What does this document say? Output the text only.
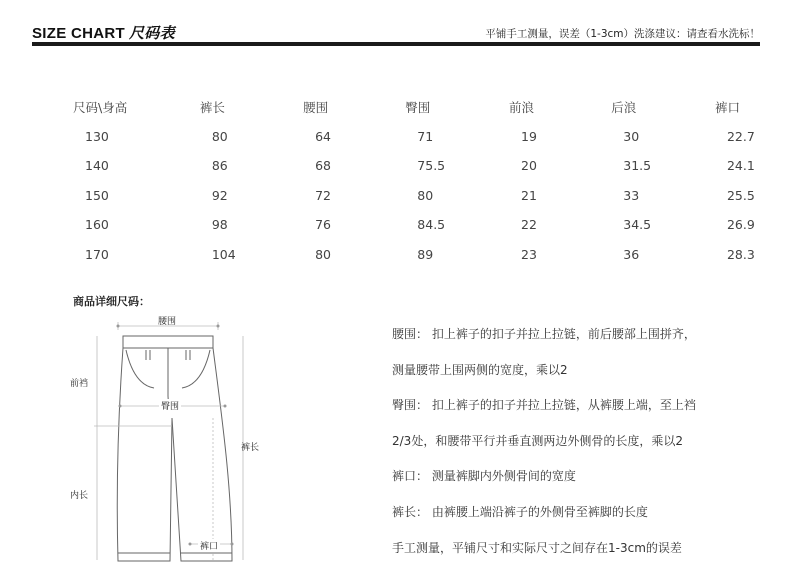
SIZE CHART 尺码表	平铺手工测量，误差（1-3cm）洗涤建议：请查看水洗标！
尺码\身高	裤长	腰围	臀围	前浪	后浪	裤口
130	80	64	71	19	30	22.7
140	86	68	75.5	20	31.5	24.1
150	92	72	80	21	33	25.5
160	98	76	84.5	22	34.5	26.9
170	104	80	89	23	36	28.3
商品详细尺码：
腰围
前裆
臀围
裤长
内长
裤口

腰围： 扣上裤子的扣子并拉上拉链，前后腰部上围拼齐，

测量腰带上围两侧的宽度，乘以2

臀围： 扣上裤子的扣子并拉上拉链，从裤腰上端，至上裆

2/3处，和腰带平行并垂直测两边外侧骨的长度，乘以2

裤口： 测量裤脚内外侧骨间的宽度

裤长： 由裤腰上端沿裤子的外侧骨至裤脚的长度

手工测量，平铺尺寸和实际尺寸之间存在1-3cm的误差
